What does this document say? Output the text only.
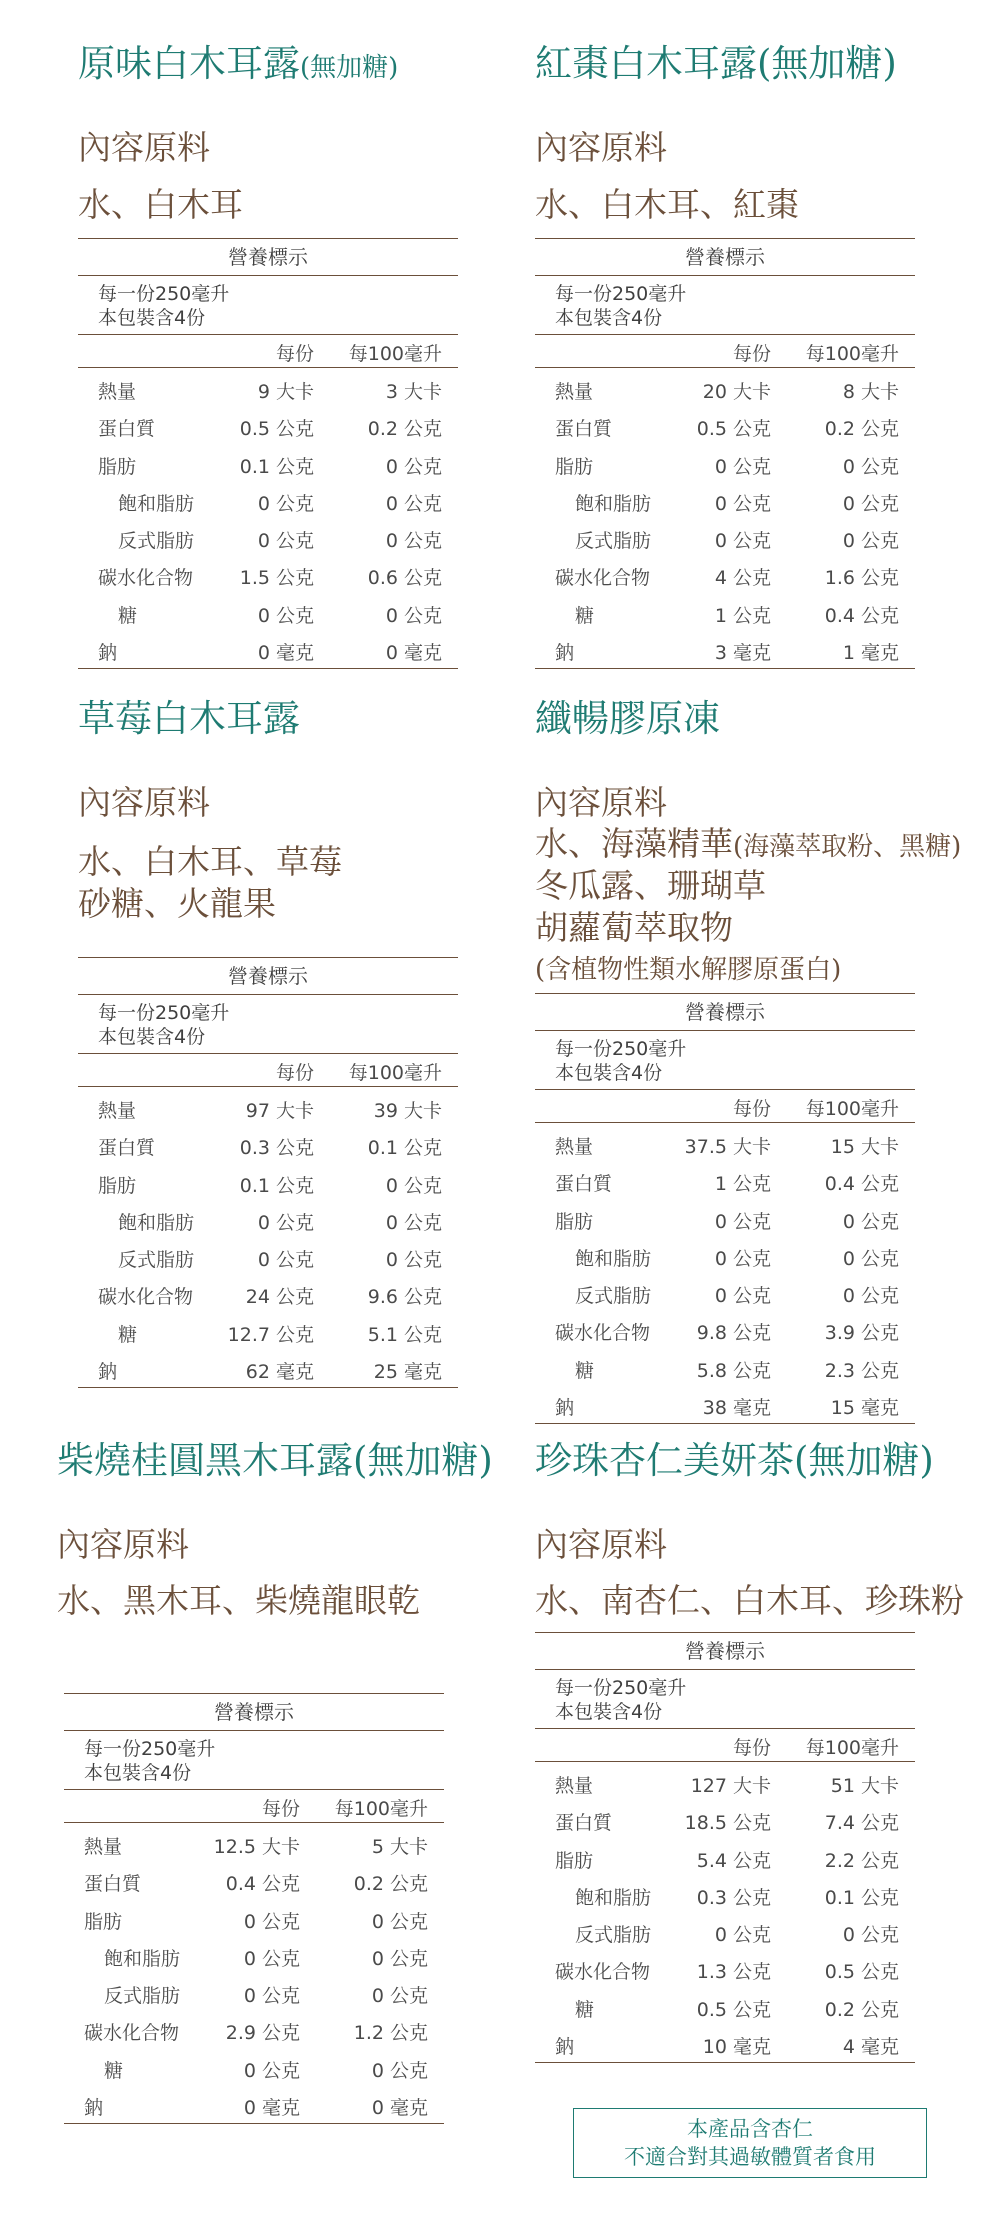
原味白木耳露(無加糖)
內容原料
水、白木耳
營養標示
每一份250毫升
本包裝含4份
每份 每100毫升
熱量	9 大卡	3 大卡
蛋白質	0.5 公克	0.2 公克
脂肪	0.1 公克	0 公克
飽和脂肪	0 公克	0 公克
反式脂肪	0 公克	0 公克
碳水化合物 1.5 公克	0.6 公克
糖	0 公克	0 公克
鈉	0 毫克	0 毫克
紅棗白木耳露(無加糖)
內容原料
水、白木耳、紅棗
營養標示
每一份250毫升
本包裝含4份
每份 每100毫升
熱量	20 大卡	8 大卡
蛋白質	0.5 公克	0.2 公克
脂肪	0 公克	0 公克
飽和脂肪	0 公克	0 公克
反式脂肪	0 公克	0 公克
碳水化合物	4 公克	1.6 公克
糖	1 公克	0.4 公克
鈉	3 毫克	1 毫克
草莓白木耳露
內容原料
水、白木耳、草莓
砂糖、火龍果
營養標示
每一份250毫升
本包裝含4份
每份 每100毫升
熱量	97 大卡	39 大卡
蛋白質	0.3 公克	0.1 公克
脂肪	0.1 公克	0 公克
飽和脂肪	0 公克	0 公克
反式脂肪	0 公克	0 公克
碳水化合物	24 公克	9.6 公克
糖	12.7 公克	5.1 公克
鈉	62 毫克	25 毫克
纖暢膠原凍
內容原料
水、海藻精華(海藻萃取粉、黑糖)
冬瓜露、珊瑚草
胡蘿蔔萃取物
(含植物性類水解膠原蛋白)
營養標示
每一份250毫升
本包裝含4份
每份 每100毫升
熱量	37.5 大卡	15 大卡
蛋白質	1 公克	0.4 公克
脂肪	0 公克	0 公克
飽和脂肪	0 公克	0 公克
反式脂肪	0 公克	0 公克
碳水化合物 9.8 公克	3.9 公克
糖	5.8 公克	2.3 公克
鈉	38 毫克	15 毫克
柴燒桂圓黑木耳露(無加糖)
內容原料
水、黑木耳、柴燒龍眼乾
營養標示
每一份250毫升
本包裝含4份
每份 每100毫升
熱量	12.5 大卡	5 大卡
蛋白質	0.4 公克	0.2 公克
脂肪	0 公克	0 公克
飽和脂肪	0 公克	0 公克
反式脂肪	0 公克	0 公克
碳水化合物 2.9 公克	1.2 公克
糖	0 公克	0 公克
鈉	0 毫克	0 毫克
珍珠杏仁美妍茶(無加糖)
內容原料
水、南杏仁、白木耳、珍珠粉
營養標示
每一份250毫升
本包裝含4份
每份 每100毫升
熱量	127 大卡	51 大卡
蛋白質	18.5 公克	7.4 公克
脂肪	5.4 公克	2.2 公克
飽和脂肪 0.3 公克	0.1 公克
反式脂肪	0 公克	0 公克
碳水化合物 1.3 公克	0.5 公克
糖	0.5 公克	0.2 公克
鈉	10 毫克	4 毫克
本產品含杏仁
不適合對其過敏體質者食用
